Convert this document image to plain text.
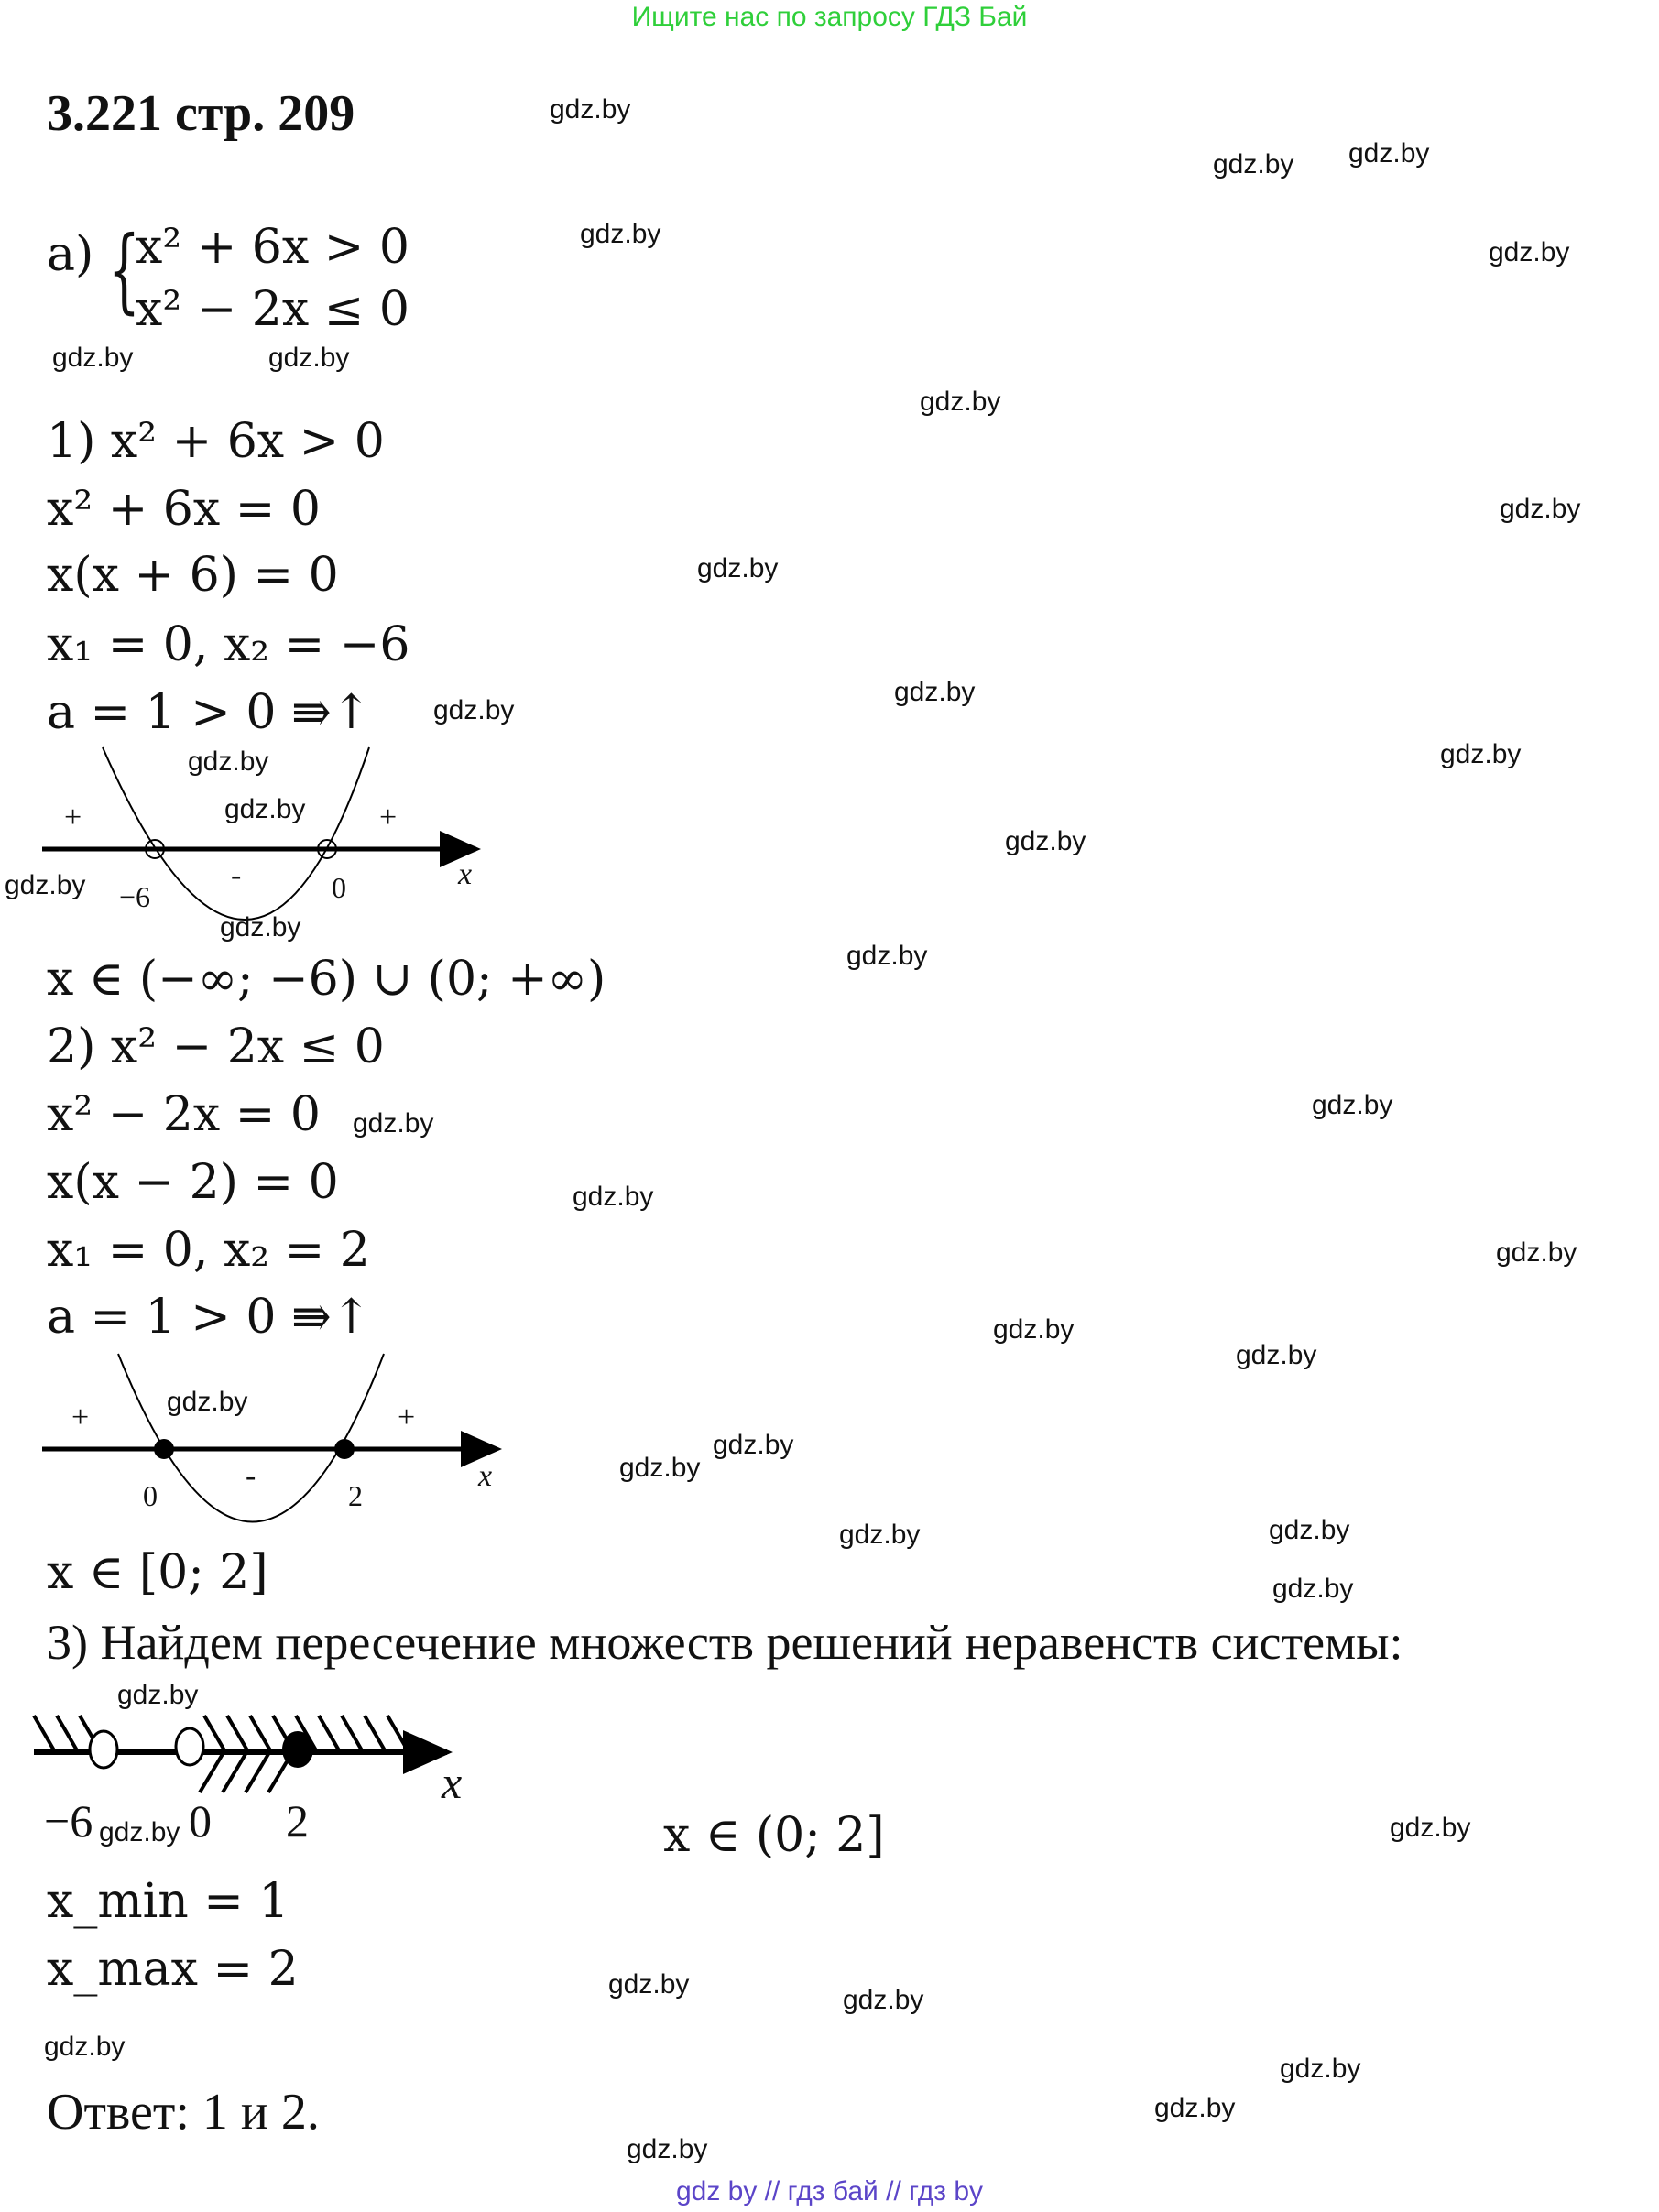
Ищите нас по запросу ГДЗ Бай
3.221 стр. 209
а) {
x² + 6x > 0
x² − 2x ≤ 0
1) x² + 6x > 0
x² + 6x = 0
x(x + 6) = 0
x₁ = 0, x₂ = −6
a = 1 > 0 ⇛↑
x ∈ (−∞; −6) ∪ (0; +∞)
2) x² − 2x ≤ 0
x² − 2x = 0
x(x − 2) = 0
x₁ = 0, x₂ = 2
a = 1 > 0 ⇛↑
x ∈ [0; 2]
3) Найдем пересечение множеств решений неравенств системы:
x ∈ (0; 2]
x_min = 1
x_max = 2
Ответ: 1 и 2.
+	+
-
−6	0	x
+	+
-
0	2
x
−6 0 2
x
gdz.by
gdz.by gdz.by
gdz.by
gdz.by
gdz.by	gdz.by
gdz.by
gdz.by
gdz.by
gdz.by
gdz.by
gdz.by
gdz.by
gdz.by
gdz.by
gdz.by
gdz.by
gdz.by
gdz.by
gdz.by
gdz.by
gdz.by
gdz.by
gdz.by
gdz.by
gdz.by
gdz.by
gdz.by	gdz.by
gdz.by
gdz.by
gdz.by	gdz.by
gdz.by
gdz.by
gdz.by
gdz.by
gdz.by
gdz.by
gdz by // гдз бай // гдз by
